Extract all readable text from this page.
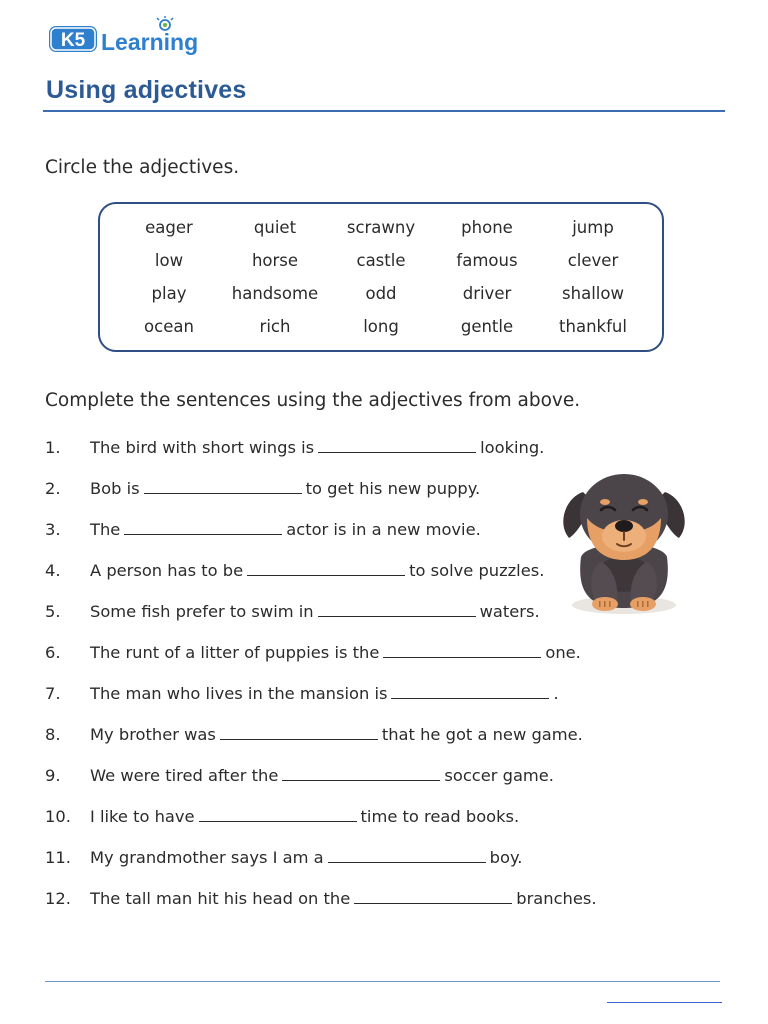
K5 Learning
Using adjectives

Circle the adjectives.

eager	quiet	scrawny	phone	jump
low	horse	castle	famous	clever
play	handsome	odd	driver	shallow
ocean	rich	long	gentle	thankful

Complete the sentences using the adjectives from above.

1. The bird with short wings is	looking.
2. Bob is	to get his new puppy.
3. The	actor is in a new movie.
4. A person has to be	to solve puzzles.
5. Some fish prefer to swim in	waters.
6. The runt of a litter of puppies is the	one.
7. The man who lives in the mansion is	.
8. My brother was	that he got a new game.
9. We were tired after the	soccer game.
10. I like to have	time to read books.
11. My grandmother says I am a	boy.
12. The tall man hit his head on the	branches.
